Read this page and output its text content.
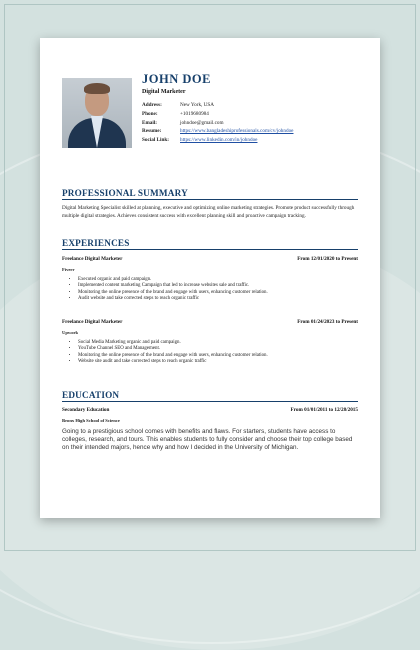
JOHN DOE
Digital Marketer
Address:	New York, USA
Phone:	+1019680984
Email:	johndoe@gmail.com
Resume:	https://www.bangladeshiprofessionals.com/cv/johndoe
Social Link:	https://www.linkedin.com/in/johndoe
PROFESSIONAL SUMMARY
Digital Marketing Specialist skilled at planning, executive and optimizing online marketing strategies. Promote product successfully through multiple digital strategies. Achieves consistent success with excellent planning skill and proactive campaign tracking.
EXPERIENCES
Freelance Digital Marketer	From 12/01/2020 to Present
Fiverr
• Executed organic and paid campaign.
• Implemented content marketing Campaign that led to increase websites sale and traffic.
• Monitoring the online presence of the brand and engage with users, enhancing customer relation.
• Audit website and take corrected steps to reach organic traffic
Freelance Digital Marketer	From 01/24/2023 to Present
Upwork
• Social Media Marketing organic and paid campaign.
• YouTube Channel SEO and Management.
• Monitoring the online presence of the brand and engage with users, enhancing customer relation.
• Website site audit and take corrected steps to reach organic traffic
EDUCATION
Secondary Education	From 01/01/2011 to 12/28/2015
Bronx High School of Science
Going to a prestigious school comes with benefits and flaws. For starters, students have access to colleges, research, and tours. This enables students to fully consider and choose their top college based on their intended majors, hence why and how I decided in the University of Michigan.
